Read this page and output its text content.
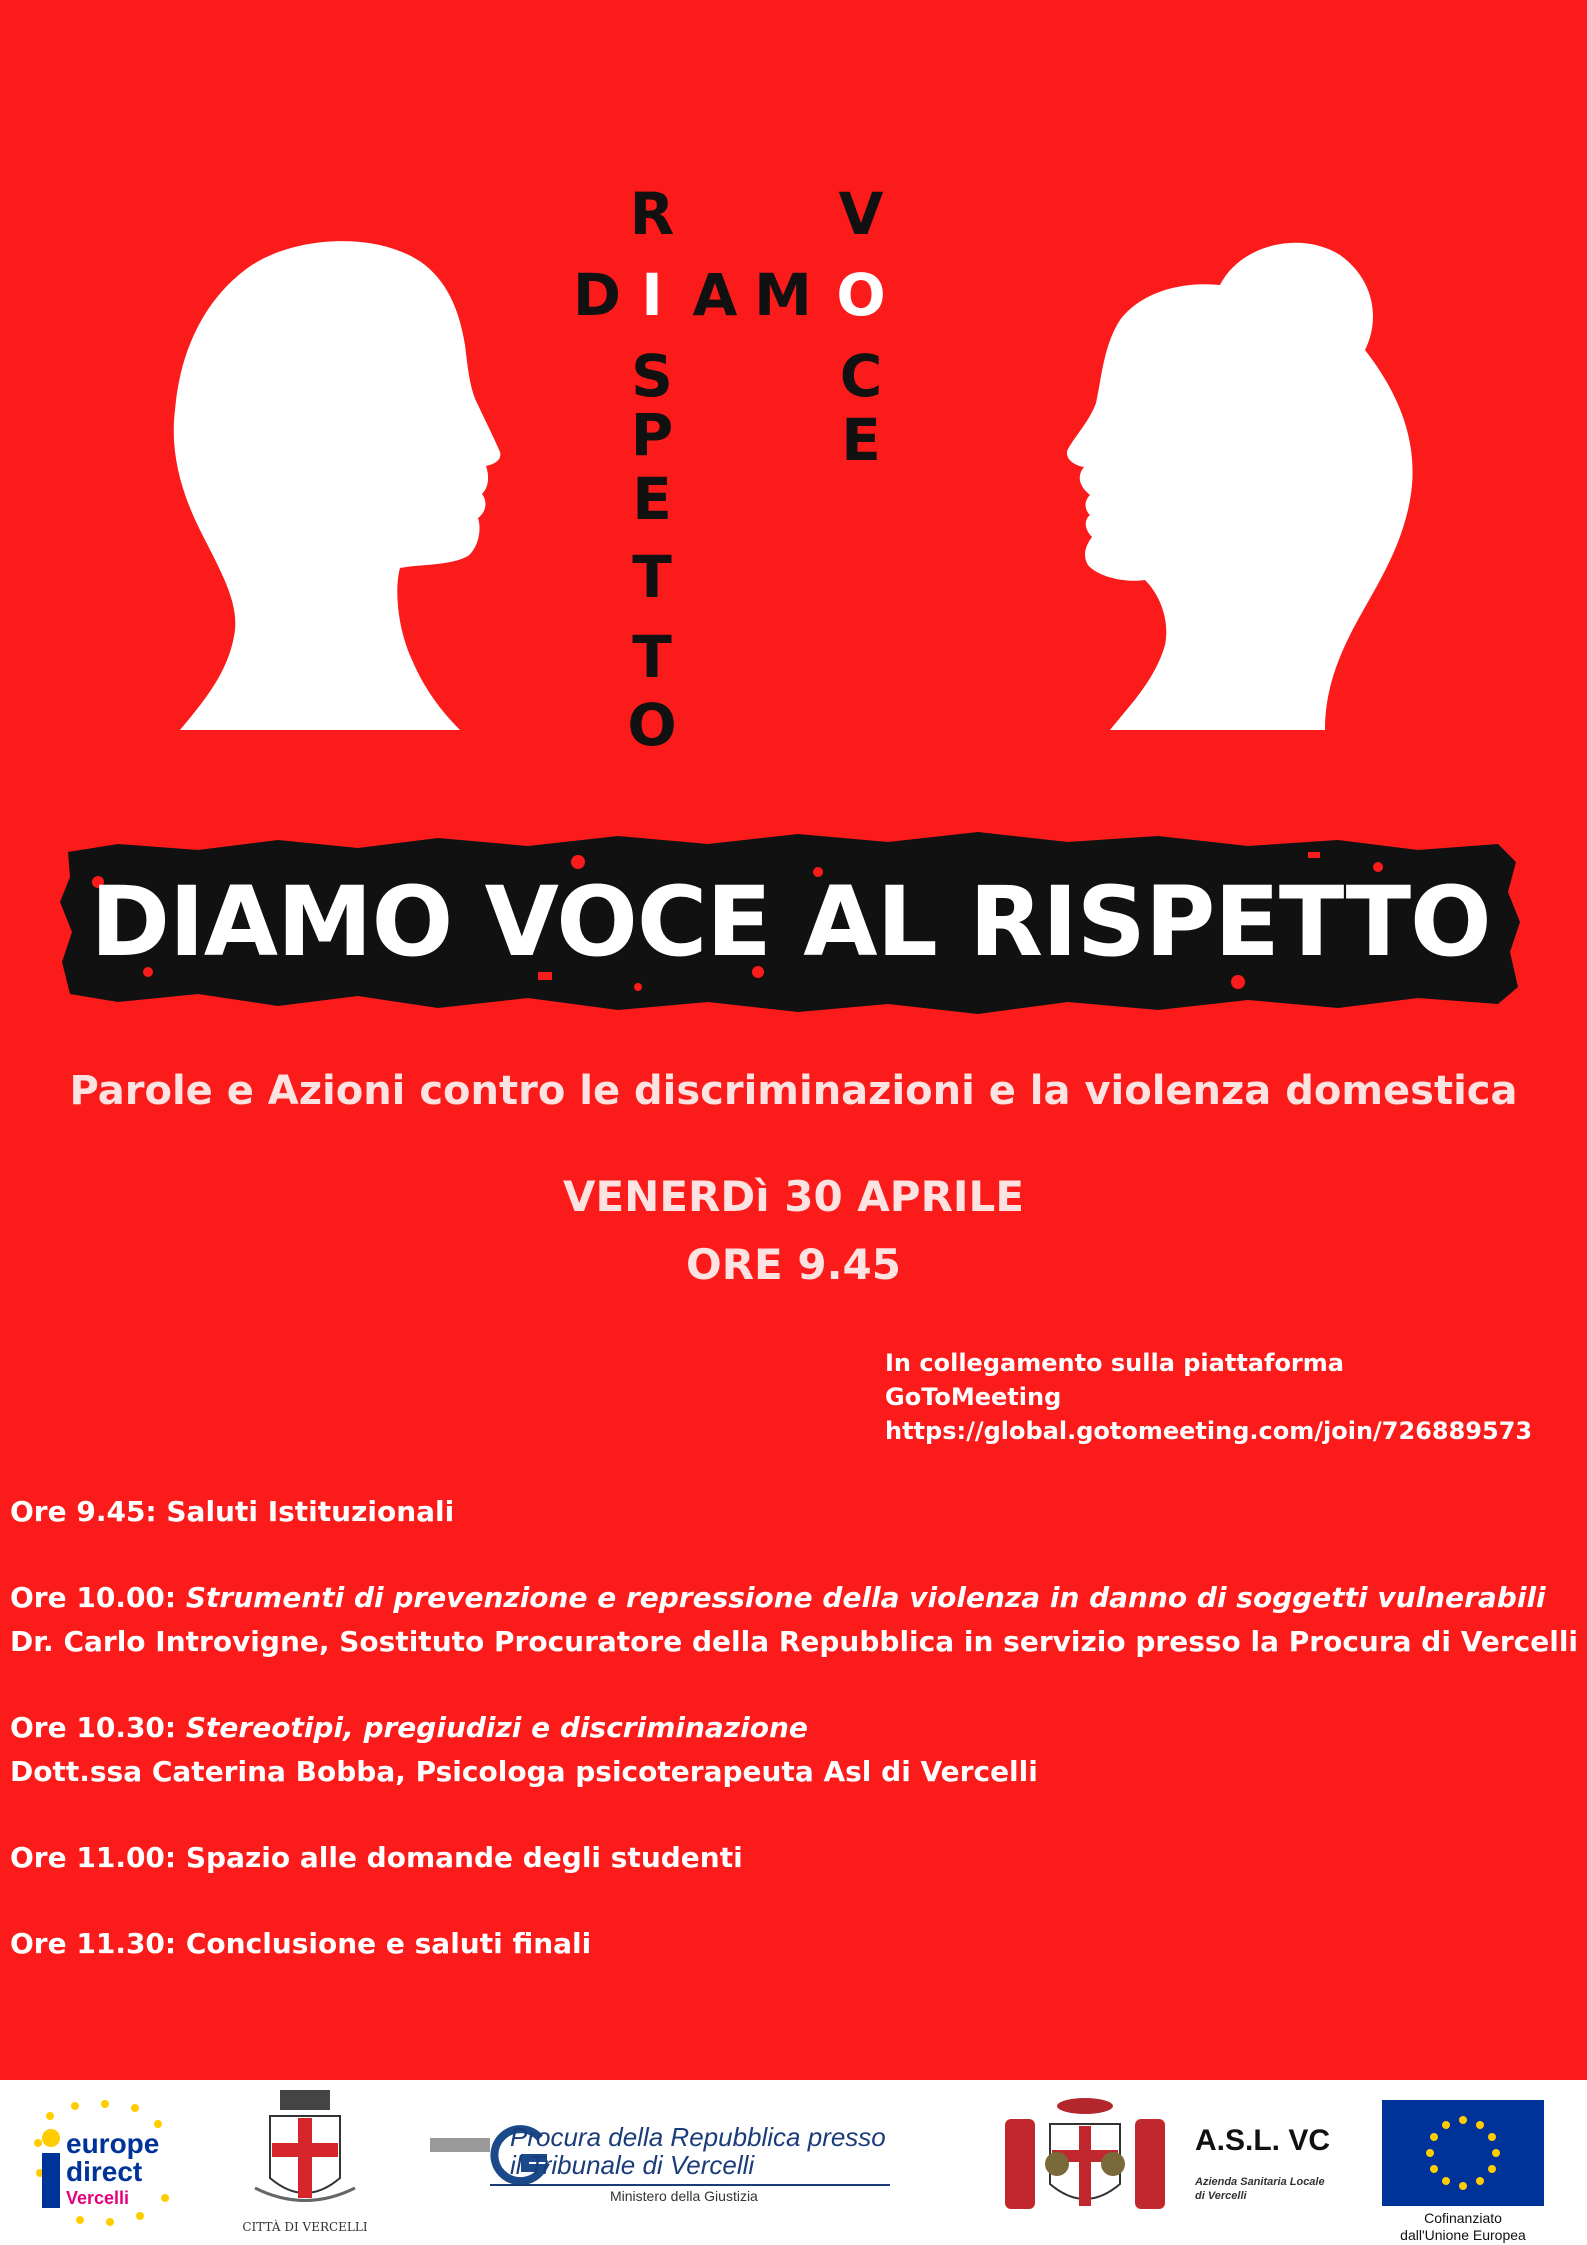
R
I
S
P
E
T
T
O
D A M O
V
C
E
DIAMO VOCE AL RISPETTO

Parole e Azioni contro le discriminazioni e la violenza domestica

VENERDì 30 APRILE
ORE 9.45
In collegamento sulla piattaforma GoToMeeting
https://global.gotomeeting.com/join/726889573
Ore 9.45: Saluti Istituzionali
Ore 10.00: Strumenti di prevenzione e repressione della violenza in danno di soggetti vulnerabili
Dr. Carlo Introvigne, Sostituto Procuratore della Repubblica in servizio presso la Procura di Vercelli
Ore 10.30: Stereotipi, pregiudizi e discriminazione
Dott.ssa Caterina Bobba, Psicologa psicoterapeuta Asl di Vercelli
Ore 11.00: Spazio alle domande degli studenti
Ore 11.30: Conclusione e saluti finali
europe
direct
Vercelli
CITTÀ DI VERCELLI
Procura della Repubblica presso
il Tribunale di Vercelli
Ministero della Giustizia
A.S.L. VC
Azienda Sanitaria Locale
di Vercelli
Cofinanziato
dall'Unione Europea
